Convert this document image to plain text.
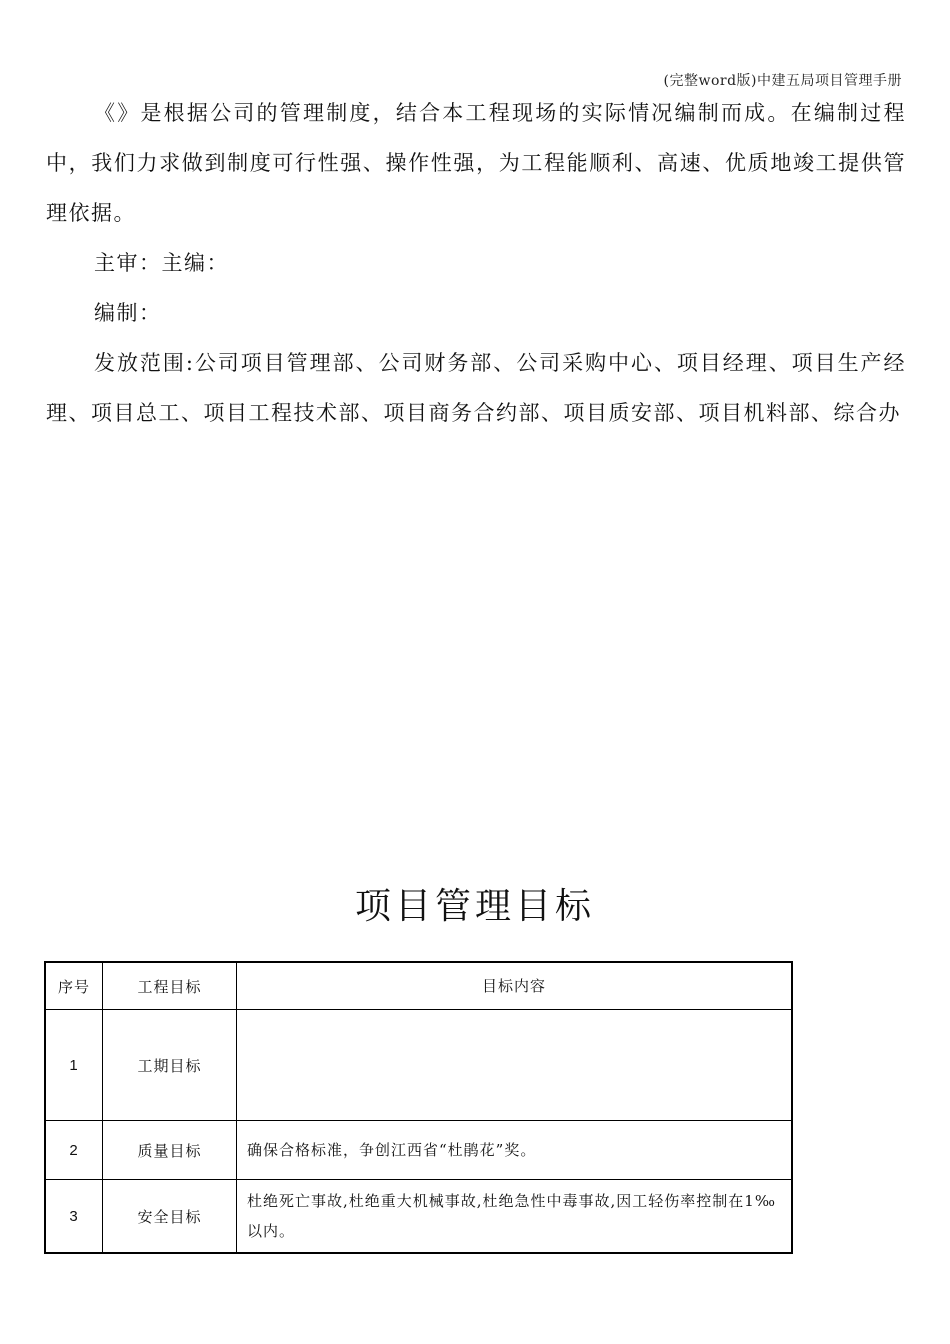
(完整word版)中建五局项目管理手册

《》是根据公司的管理制度，结合本工程现场的实际情况编制而成。在编制过程中，我们力求做到制度可行性强、操作性强，为工程能顺利、高速、优质地竣工提供管理依据。

主审：主编：

编制：

发放范围:公司项目管理部、公司财务部、公司采购中心、项目经理、项目生产经理、项目总工、项目工程技术部、项目商务合约部、项目质安部、项目机料部、综合办

项目管理目标
序号	工程目标	目标内容
1	工期目标	
2	质量目标	确保合格标准，争创江西省“杜鹃花”奖。
3	安全目标	杜绝死亡事故,杜绝重大机械事故,杜绝急性中毒事故,因工轻伤率控制在1‰以内。
